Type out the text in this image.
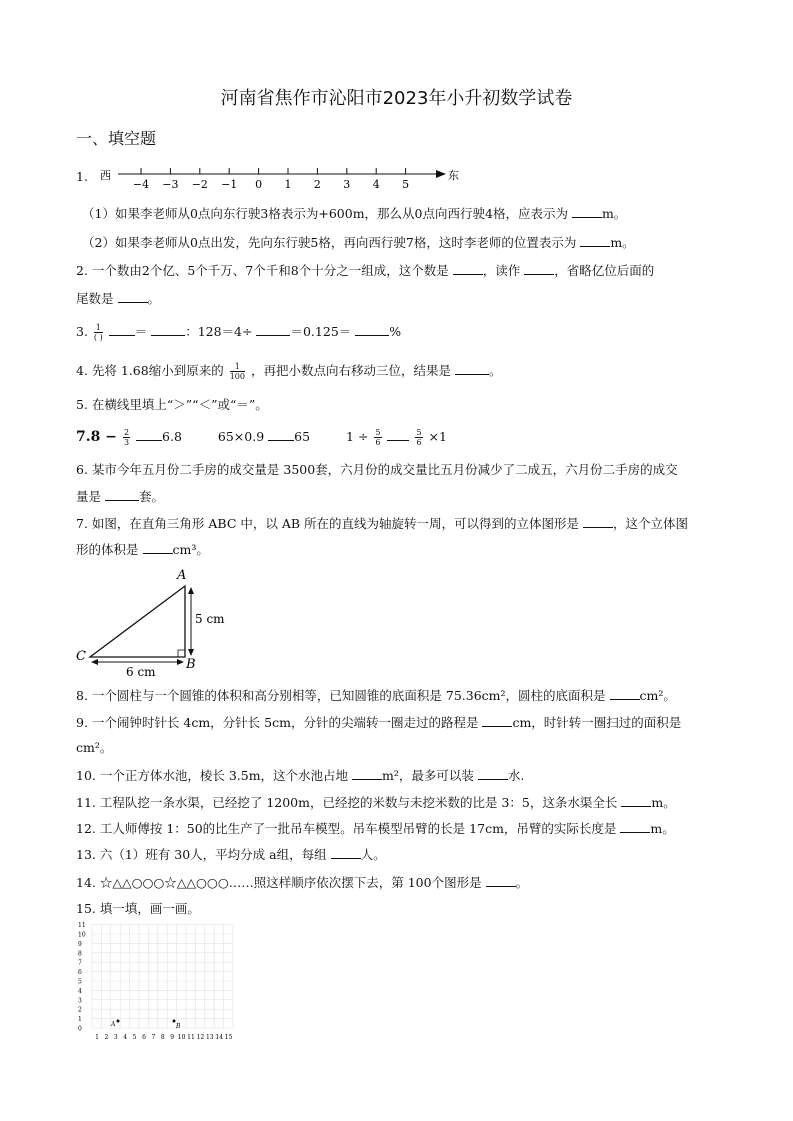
河南省焦作市沁阳市2023年小升初数学试卷
一、填空题
1. 西	东
−4 −3 −2 −1 0 1 2 3 4 5
（1）如果李老师从0点向东行驶3格表示为+600m，那么从0点向西行驶4格，应表示为	m。
（2）如果李老师从0点出发，先向东行驶5格，再向西行驶7格，这时李老师的位置表示为	m。
2. 一个数由2个亿、5个千万、7个千和8个十分之一组成，这个数是	，读作	，省略亿位后面的
尾数是	。
3. $\frac{1}{( )}$	＝	：128＝4÷	＝0.125＝	%
4. 先将 1.68缩小到原来的 $\frac{1}{100}$ ，再把小数点向右移动三位，结果是	。
5. 在横线里填上“＞”“＜”或“＝”。
$7.8 - \frac{2}{3}$	6.8	65×0.9 65	$1 \div \frac{5}{6}$
	$\frac{5}{6} \times 1$
6. 某市今年五月份二手房的成交量是 3500套，六月份的成交量比五月份减少了二成五，六月份二手房的成交
量是	套。
7. 如图，在直角三角形 ABC 中，以 AB 所在的直线为轴旋转一周，可以得到的立体图形是	，这个立体图
形的体积是	cm³。
A
B
C
5 cm
6 cm
8. 一个圆柱与一个圆锥的体积和高分别相等，已知圆锥的底面积是 75.36cm²，圆柱的底面积是	cm²。
9. 一个闹钟时针长 4cm，分针长 5cm，分针的尖端转一圈走过的路程是	cm，时针转一圈扫过的面积是
cm²。
10. 一个正方体水池，棱长 3.5m，这个水池占地	m²，最多可以装	水.
11. 工程队挖一条水渠，已经挖了 1200m，已经挖的米数与未挖米数的比是 3：5，这条水渠全长	m。
12. 工人师傅按 1：50的比生产了一批吊车模型。吊车模型吊臂的长是 17cm，吊臂的实际长度是	m。
13. 六（1）班有 30人，平均分成 a组，每组	人。
14. ☆△△○○○☆△△○○○……照这样顺序依次摆下去，第 100个图形是	。
15. 填一填，画一画。
11
10
9
8
7
6
5
4
3
2
1
0
1 2 3 4 5 6 7 8 9 10 11 12 13 14 15
A	B
